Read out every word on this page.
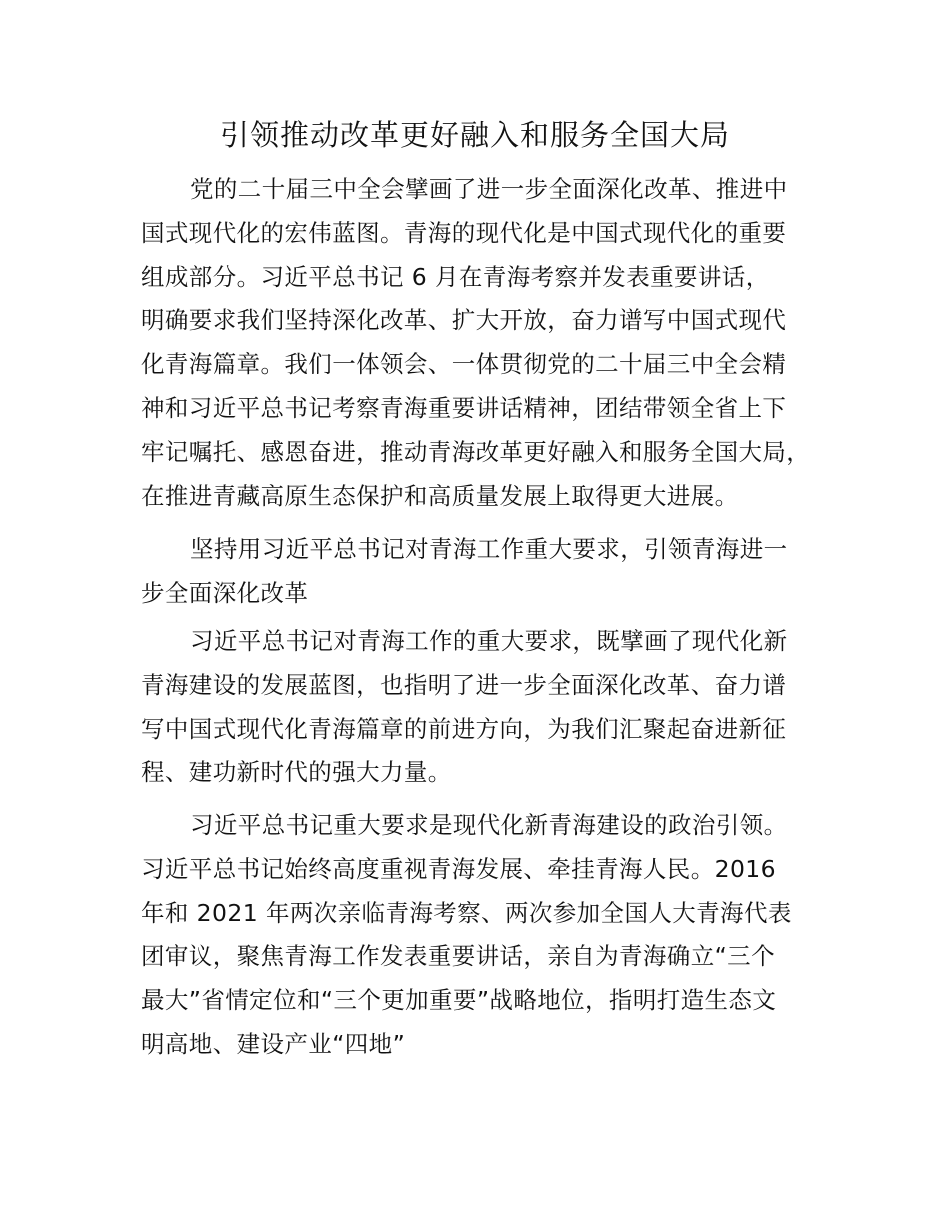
引领推动改革更好融入和服务全国大局
党的二十届三中全会擘画了进一步全面深化改革、推进中
国式现代化的宏伟蓝图。青海的现代化是中国式现代化的重要
组成部分。习近平总书记 6 月在青海考察并发表重要讲话，
明确要求我们坚持深化改革、扩大开放，奋力谱写中国式现代
化青海篇章。我们一体领会、一体贯彻党的二十届三中全会精
神和习近平总书记考察青海重要讲话精神，团结带领全省上下
牢记嘱托、感恩奋进，推动青海改革更好融入和服务全国大局，
在推进青藏高原生态保护和高质量发展上取得更大进展。
坚持用习近平总书记对青海工作重大要求，引领青海进一
步全面深化改革
习近平总书记对青海工作的重大要求，既擘画了现代化新
青海建设的发展蓝图，也指明了进一步全面深化改革、奋力谱
写中国式现代化青海篇章的前进方向，为我们汇聚起奋进新征
程、建功新时代的强大力量。
习近平总书记重大要求是现代化新青海建设的政治引领。
习近平总书记始终高度重视青海发展、牵挂青海人民。2016
年和 2021 年两次亲临青海考察、两次参加全国人大青海代表
团审议，聚焦青海工作发表重要讲话，亲自为青海确立“三个
最大”省情定位和“三个更加重要”战略地位，指明打造生态文
明高地、建设产业“四地”
